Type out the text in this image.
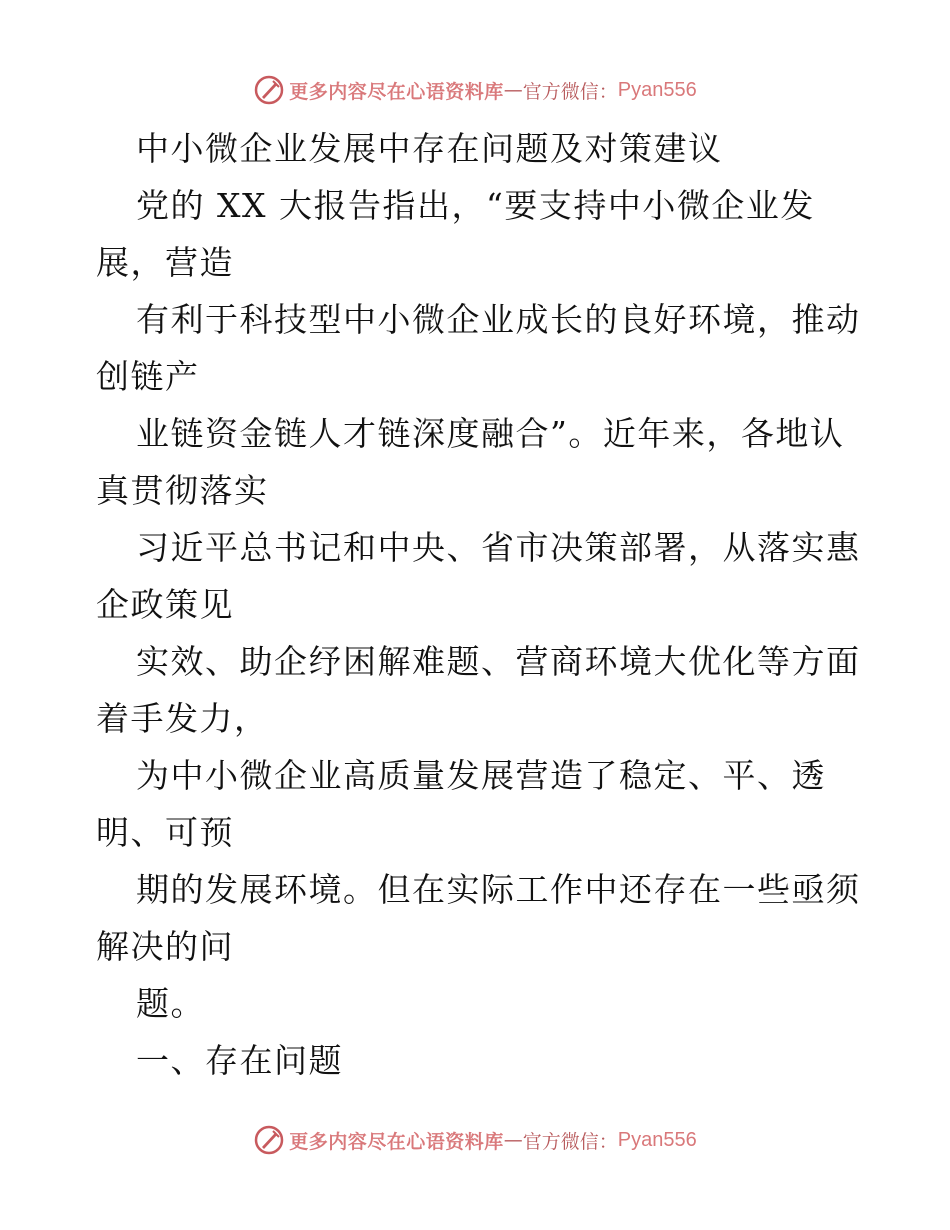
更多内容尽在心语资料库 — 官方微信： Pyan556
中小微企业发展中存在问题及对策建议
党的 XX 大报告指出，“要支持中小微企业发
展，营造
有利于科技型中小微企业成长的良好环境，推动
创链产
业链资金链人才链深度融合”。近年来，各地认
真贯彻落实
习近平总书记和中央、省市决策部署，从落实惠
企政策见
实效、助企纾困解难题、营商环境大优化等方面
着手发力，
为中小微企业高质量发展营造了稳定、平、透
明、可预
期的发展环境。但在实际工作中还存在一些亟须
解决的问
题。
一、存在问题
更多内容尽在心语资料库 — 官方微信： Pyan556
